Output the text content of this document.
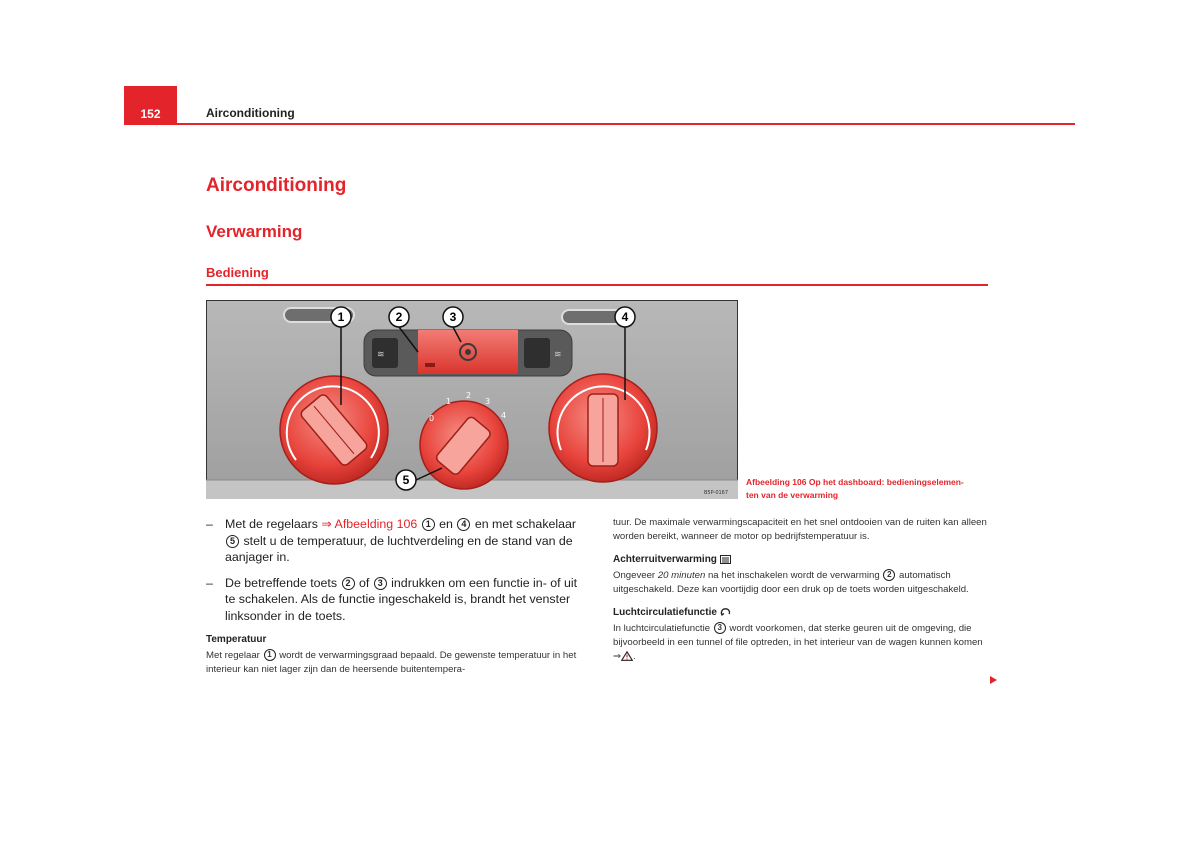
152	Airconditioning
Airconditioning
Verwarming
Bediening
≋	≋
0
1
2
3
4
1	2	3	4
5
B5P-0167
Afbeelding 106 Op het dashboard: bedieningselemen-
ten van de verwarming
– Met de regelaars ⇒ Afbeelding 106 1 en 4 en met schakelaar 5 stelt u de temperatuur, de luchtverdeling en de stand van de aanjager in.
– De betreffende toets 2 of 3 indrukken om een functie in- of uit te schakelen. Als de functie ingeschakeld is, brandt het venster linksonder in de toets.
Temperatuur
Met regelaar 1 wordt de verwarmingsgraad bepaald. De gewenste temperatuur in het interieur kan niet lager zijn dan de heersende buitentempera-
tuur. De maximale verwarmingscapaciteit en het snel ontdooien van de ruiten kan alleen worden bereikt, wanneer de motor op bedrijfstemperatuur is.
Achterruitverwarming
Ongeveer 20 minuten na het inschakelen wordt de verwarming 2 automatisch uitgeschakeld. Deze kan voortijdig door een druk op de toets worden uitgeschakeld.
Luchtcirculatiefunctie
In luchtcirculatiefunctie 3 wordt voorkomen, dat sterke geuren uit de omgeving, die bijvoorbeeld in een tunnel of file optreden, in het interieur van de wagen kunnen komen ⇒ .
